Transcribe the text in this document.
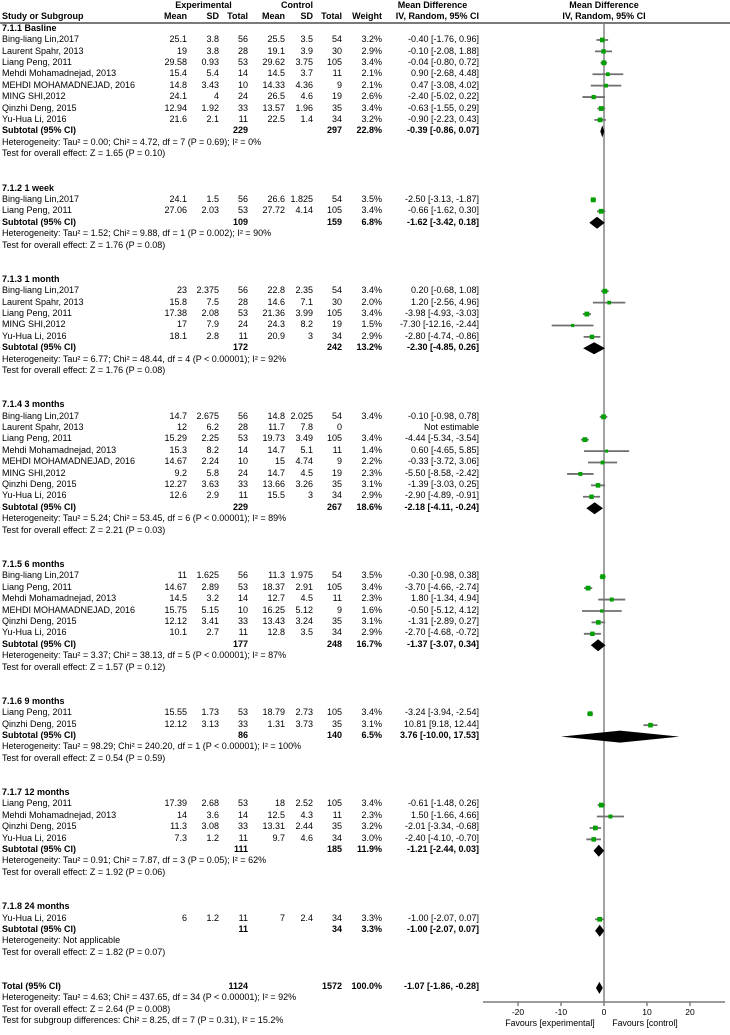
Experimental	Control	Mean Difference
Study or Subgroup	Mean	SD Total	Mean	SD Total	Weight	IV, Random, 95% CI
7.1.1 Basline
Bing-liang Lin,2017	25.1	3.8	56	25.5	3.5	54	3.2%	-0.40 [-1.76, 0.96]
Laurent Spahr, 2013	19	3.8	28	19.1	3.9	30	2.9%	-0.10 [-2.08, 1.88]
Liang Peng, 2011	29.58	0.93	53	29.62	3.75	105	3.4%	-0.04 [-0.80, 0.72]
Mehdi Mohamadnejad, 2013	15.4	5.4	14	14.5	3.7	11	2.1%	0.90 [-2.68, 4.48]
MEHDI MOHAMADNEJAD, 2016	14.8	3.43	10	14.33	4.36	9	2.1%	0.47 [-3.08, 4.02]
MING SHI,2012	24.1	4	24	26.5	4.6	19	2.6%	-2.40 [-5.02, 0.22]
Qinzhi Deng, 2015	12.94	1.92	33	13.57	1.96	35	3.4%	-0.63 [-1.55, 0.29]
Yu-Hua Li, 2016	21.6	2.1	11	22.5	1.4	34	3.2%	-0.90 [-2.23, 0.43]
Subtotal (95% CI)	229	297	22.8%	-0.39 [-0.86, 0.07]
Heterogeneity: Tau² = 0.00; Chi² = 4.72, df = 7 (P = 0.69); I² = 0%
Test for overall effect: Z = 1.65 (P = 0.10)
7.1.2 1 week
Bing-liang Lin,2017	24.1	1.5	56	26.6 1.825	54	3.5%	-2.50 [-3.13, -1.87]
Liang Peng, 2011	27.06	2.03	53	27.72	4.14	105	3.4%	-0.66 [-1.62, 0.30]
Subtotal (95% CI)	109	159	6.8%	-1.62 [-3.42, 0.18]
Heterogeneity: Tau² = 1.52; Chi² = 9.88, df = 1 (P = 0.002); I² = 90%
Test for overall effect: Z = 1.76 (P = 0.08)
7.1.3 1 month
Bing-liang Lin,2017	23	2.375	56	22.8	2.35	54	3.4%	0.20 [-0.68, 1.08]
Laurent Spahr, 2013	15.8	7.5	28	14.6	7.1	30	2.0%	1.20 [-2.56, 4.96]
Liang Peng, 2011	17.38	2.08	53	21.36	3.99	105	3.4%	-3.98 [-4.93, -3.03]
MING SHI,2012	17	7.9	24	24.3	8.2	19	1.5%	-7.30 [-12.16, -2.44]
Yu-Hua Li, 2016	18.1	2.8	11	20.9	3	34	2.9%	-2.80 [-4.74, -0.86]
Subtotal (95% CI)	172	242	13.2%	-2.30 [-4.85, 0.26]
Heterogeneity: Tau² = 6.77; Chi² = 48.44, df = 4 (P < 0.00001); I² = 92%
Test for overall effect: Z = 1.76 (P = 0.08)
7.1.4 3 months
Bing-liang Lin,2017	14.7	2.675	56	14.8 2.025	54	3.4%	-0.10 [-0.98, 0.78]
Laurent Spahr, 2013	12	6.2	28	11.7	7.8	0	Not estimable
Liang Peng, 2011	15.29	2.25	53	19.73	3.49	105	3.4%	-4.44 [-5.34, -3.54]
Mehdi Mohamadnejad, 2013	15.3	8.2	14	14.7	5.1	11	1.4%	0.60 [-4.65, 5.85]
MEHDI MOHAMADNEJAD, 2016	14.67	2.24	10	15	4.74	9	2.2%	-0.33 [-3.72, 3.06]
MING SHI,2012	9.2	5.8	24	14.7	4.5	19	2.3%	-5.50 [-8.58, -2.42]
Qinzhi Deng, 2015	12.27	3.63	33	13.66	3.26	35	3.1%	-1.39 [-3.03, 0.25]
Yu-Hua Li, 2016	12.6	2.9	11	15.5	3	34	2.9%	-2.90 [-4.89, -0.91]
Subtotal (95% CI)	229	267	18.6%	-2.18 [-4.11, -0.24]
Heterogeneity: Tau² = 5.24; Chi² = 53.45, df = 6 (P < 0.00001); I² = 89%
Test for overall effect: Z = 2.21 (P = 0.03)
7.1.5 6 months
Bing-liang Lin,2017	11	1.625	56	11.3 1.975	54	3.5%	-0.30 [-0.98, 0.38]
Liang Peng, 2011	14.67	2.89	53	18.37	2.91	105	3.4%	-3.70 [-4.66, -2.74]
Mehdi Mohamadnejad, 2013	14.5	3.2	14	12.7	4.5	11	2.3%	1.80 [-1.34, 4.94]
MEHDI MOHAMADNEJAD, 2016	15.75	5.15	10	16.25	5.12	9	1.6%	-0.50 [-5.12, 4.12]
Qinzhi Deng, 2015	12.12	3.41	33	13.43	3.24	35	3.1%	-1.31 [-2.89, 0.27]
Yu-Hua Li, 2016	10.1	2.7	11	12.8	3.5	34	2.9%	-2.70 [-4.68, -0.72]
Subtotal (95% CI)	177	248	16.7%	-1.37 [-3.07, 0.34]
Heterogeneity: Tau² = 3.37; Chi² = 38.13, df = 5 (P < 0.00001); I² = 87%
Test for overall effect: Z = 1.57 (P = 0.12)
7.1.6 9 months
Liang Peng, 2011	15.55	1.73	53	18.79	2.73	105	3.4%	-3.24 [-3.94, -2.54]
Qinzhi Deng, 2015	12.12	3.13	33	1.31	3.73	35	3.1%	10.81 [9.18, 12.44]
Subtotal (95% CI)	86	140	6.5%	3.76 [-10.00, 17.53]
Heterogeneity: Tau² = 98.29; Chi² = 240.20, df = 1 (P < 0.00001); I² = 100%
Test for overall effect: Z = 0.54 (P = 0.59)
7.1.7 12 months
Liang Peng, 2011	17.39	2.68	53	18	2.52	105	3.4%	-0.61 [-1.48, 0.26]
Mehdi Mohamadnejad, 2013	14	3.6	14	12.5	4.3	11	2.3%	1.50 [-1.66, 4.66]
Qinzhi Deng, 2015	11.3	3.08	33	13.31	2.44	35	3.2%	-2.01 [-3.34, -0.68]
Yu-Hua Li, 2016	7.3	1.2	11	9.7	4.6	34	3.0%	-2.40 [-4.10, -0.70]
Subtotal (95% CI)	111	185	11.9%	-1.21 [-2.44, 0.03]
Heterogeneity: Tau² = 0.91; Chi² = 7.87, df = 3 (P = 0.05); I² = 62%
Test for overall effect: Z = 1.92 (P = 0.06)
7.1.8 24 months
Yu-Hua Li, 2016	6	1.2	11	7	2.4	34	3.3%	-1.00 [-2.07, 0.07]
Subtotal (95% CI)	11	34	3.3%	-1.00 [-2.07, 0.07]
Heterogeneity: Not applicable
Test for overall effect: Z = 1.82 (P = 0.07)
Total (95% CI)	1124	1572	100.0%	-1.07 [-1.86, -0.28]
Heterogeneity: Tau² = 4.63; Chi² = 437.65, df = 34 (P < 0.00001); I² = 92%
Test for overall effect: Z = 2.64 (P = 0.008)
Test for subgroup differences: Chi² = 8.25, df = 7 (P = 0.31), I² = 15.2%
Mean Difference
IV, Random, 95% CI
-20	-10	0	10	20
Favours [experimental] Favours [control]
